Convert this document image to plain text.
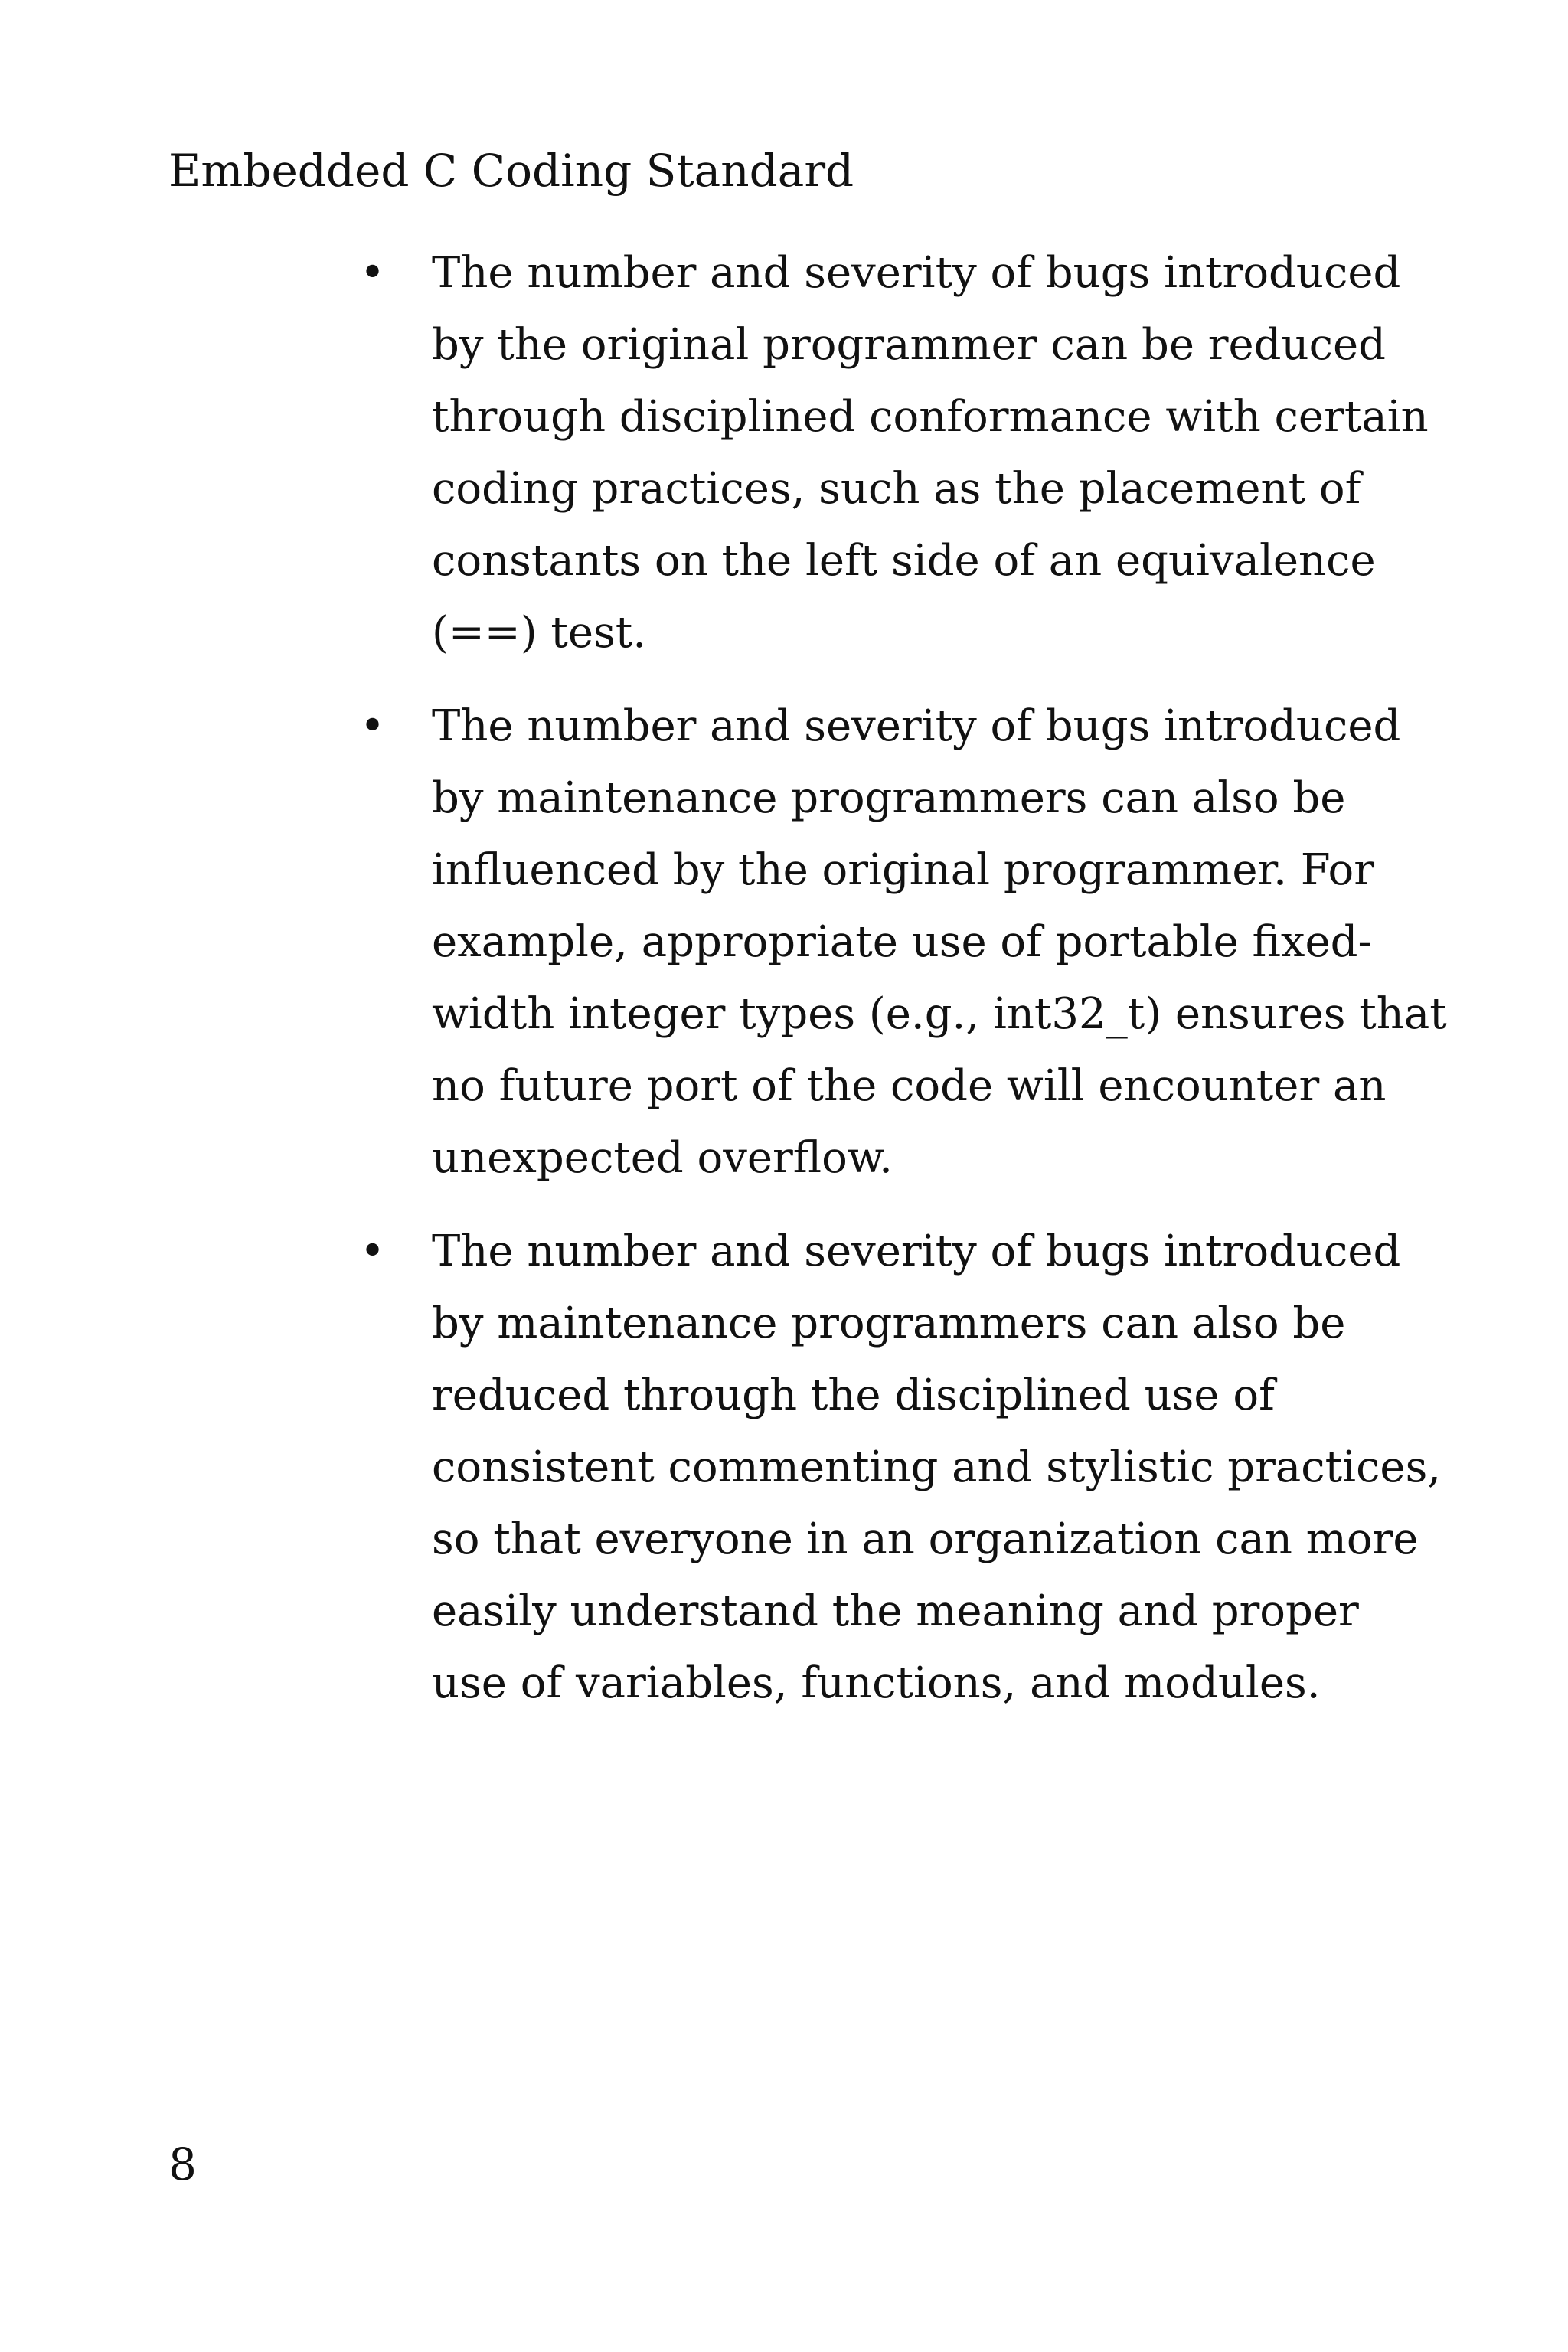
Embedded C Coding Standard
• The number and severity of bugs introduced
by the original programmer can be reduced
through disciplined conformance with certain
coding practices, such as the placement of
constants on the left side of an equivalence
(==) test.
• The number and severity of bugs introduced
by maintenance programmers can also be
influenced by the original programmer. For
example, appropriate use of portable fixed-
width integer types (e.g., int32_t) ensures that
no future port of the code will encounter an
unexpected overflow.
• The number and severity of bugs introduced
by maintenance programmers can also be
reduced through the disciplined use of
consistent commenting and stylistic practices,
so that everyone in an organization can more
easily understand the meaning and proper
use of variables, functions, and modules.
8
